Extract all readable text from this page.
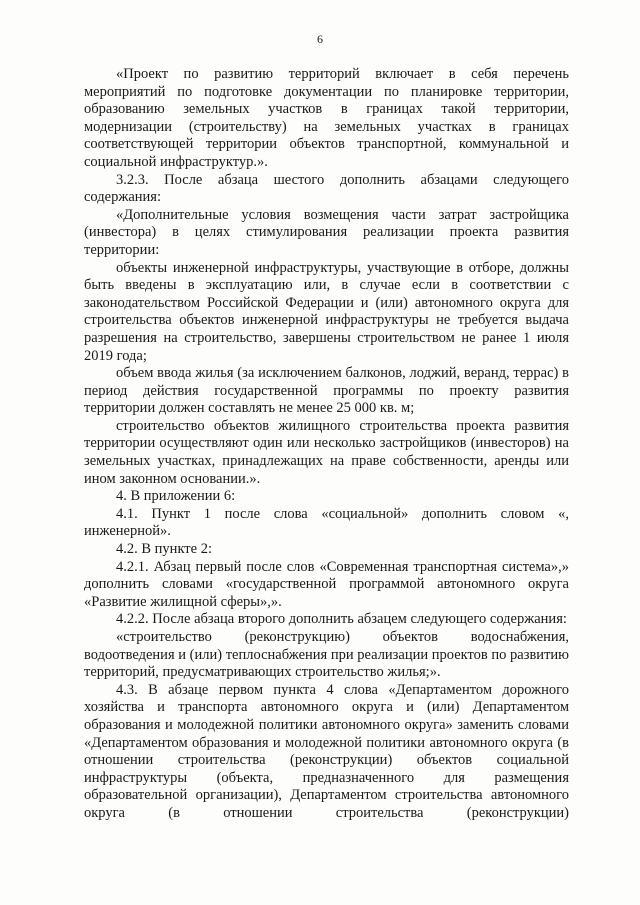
6

«Проект по развитию территорий включает в себя перечень мероприятий по подготовке документации по планировке территории, образованию земельных участков в границах такой территории, модернизации (строительству) на земельных участках в границах соответствующей территории объектов транспортной, коммунальной и социальной инфраструктур.».

3.2.3. После абзаца шестого дополнить абзацами следующего содержания:

«Дополнительные условия возмещения части затрат застройщика (инвестора) в целях стимулирования реализации проекта развития территории:

объекты инженерной инфраструктуры, участвующие в отборе, должны быть введены в эксплуатацию или, в случае если в соответствии с законодательством Российской Федерации и (или) автономного округа для строительства объектов инженерной инфраструктуры не требуется выдача разрешения на строительство, завершены строительством не ранее 1 июля 2019 года;

объем ввода жилья (за исключением балконов, лоджий, веранд, террас) в период действия государственной программы по проекту развития территории должен составлять не менее 25 000 кв. м;

строительство объектов жилищного строительства проекта развития территории осуществляют один или несколько застройщиков (инвесторов) на земельных участках, принадлежащих на праве собственности, аренды или ином законном основании.».

4. В приложении 6:

4.1. Пункт 1 после слова «социальной» дополнить словом «, инженерной».

4.2. В пункте 2:

4.2.1. Абзац первый после слов «Современная транспортная система»,» дополнить словами «государственной программой автономного округа «Развитие жилищной сферы»,».

4.2.2. После абзаца второго дополнить абзацем следующего содержания:

«строительство (реконструкцию) объектов водоснабжения, водоотведения и (или) теплоснабжения при реализации проектов по развитию территорий, предусматривающих строительство жилья;».

4.3. В абзаце первом пункта 4 слова «Департаментом дорожного хозяйства и транспорта автономного округа и (или) Департаментом образования и молодежной политики автономного округа» заменить словами «Департаментом образования и молодежной политики автономного округа (в отношении строительства (реконструкции) объектов социальной инфраструктуры (объекта, предназначенного для размещения образовательной организации), Департаментом строительства автономного округа (в отношении строительства (реконструкции)
